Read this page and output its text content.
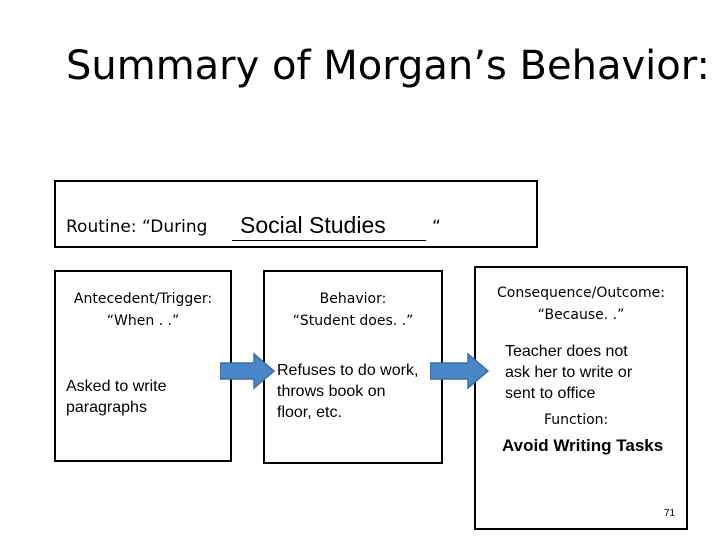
Summary of Morgan’s Behavior:
Routine: “During Social Studies	“
Antecedent/Trigger:
“When . .”
Asked to write
paragraphs
Behavior:
“Student does. .”
Refuses to do work,
throws book on
floor, etc.
Consequence/Outcome:
“Because. .”
Teacher does not
ask her to write or
sent to office
Function:
Avoid Writing Tasks
71
